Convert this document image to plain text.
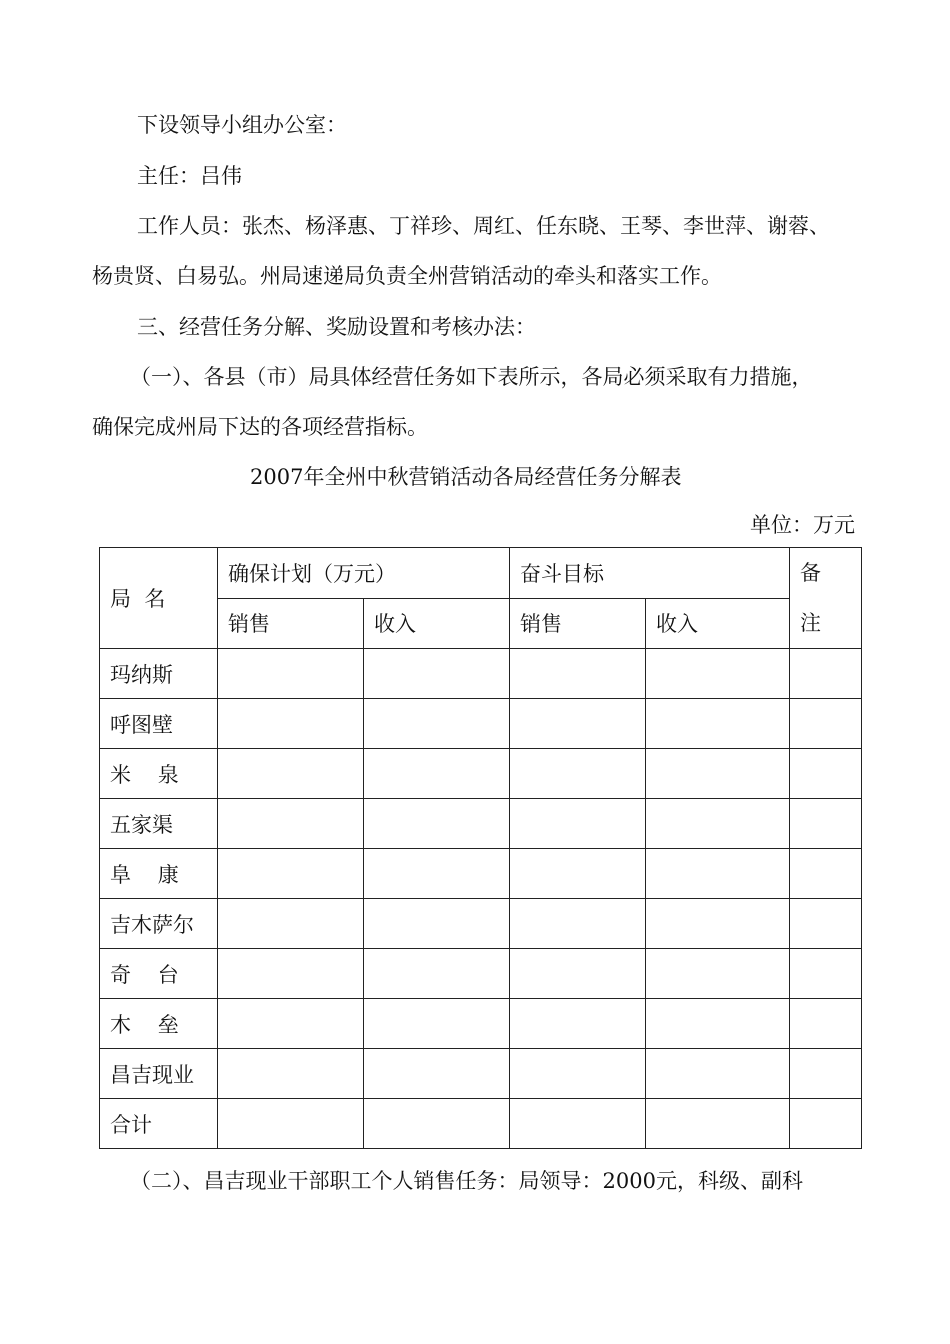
下设领导小组办公室：
主任：吕伟
工作人员：张杰、杨泽惠、丁祥珍、周红、任东晓、王琴、李世萍、谢蓉、
杨贵贤、白易弘。州局速递局负责全州营销活动的牵头和落实工作。
三、经营任务分解、奖励设置和考核办法：
（一）、各县（市）局具体经营任务如下表所示，各局必须采取有力措施，
确保完成州局下达的各项经营指标。
2007年全州中秋营销活动各局经营任务分解表
单位：万元
局  名	确保计划（万元）		奋斗目标		备注

	销售	收入	销售	收入	
玛纳斯					
呼图壁					
米    泉					
五家渠					
阜    康					
吉木萨尔					
奇    台					
木    垒					
昌吉现业					
合计					
（二）、昌吉现业干部职工个人销售任务：局领导：2000元，科级、副科
